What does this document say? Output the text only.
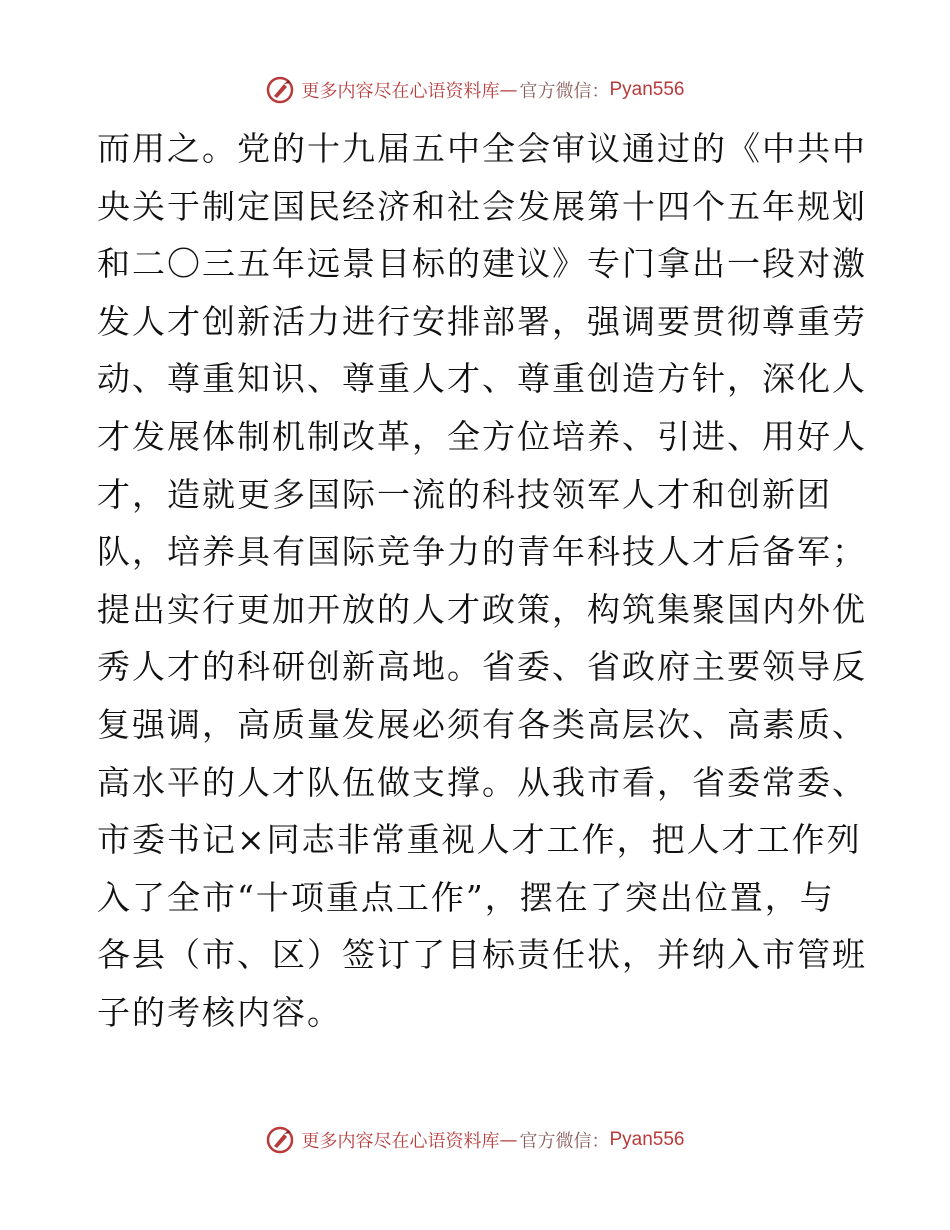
更多内容尽在心语资料库 — 官方微信： Pyan556
而用之。党的十九届五中全会审议通过的《中共中
央关于制定国民经济和社会发展第十四个五年规划
和二〇三五年远景目标的建议》专门拿出一段对激
发人才创新活力进行安排部署，强调要贯彻尊重劳
动、尊重知识、尊重人才、尊重创造方针，深化人
才发展体制机制改革，全方位培养、引进、用好人
才，造就更多国际一流的科技领军人才和创新团
队，培养具有国际竞争力的青年科技人才后备军；
提出实行更加开放的人才政策，构筑集聚国内外优
秀人才的科研创新高地。省委、省政府主要领导反
复强调，高质量发展必须有各类高层次、高素质、
高水平的人才队伍做支撑。从我市看，省委常委、
市委书记×同志非常重视人才工作，把人才工作列
入了全市“十项重点工作”，摆在了突出位置，与
各县（市、区）签订了目标责任状，并纳入市管班
子的考核内容。
更多内容尽在心语资料库 — 官方微信： Pyan556
